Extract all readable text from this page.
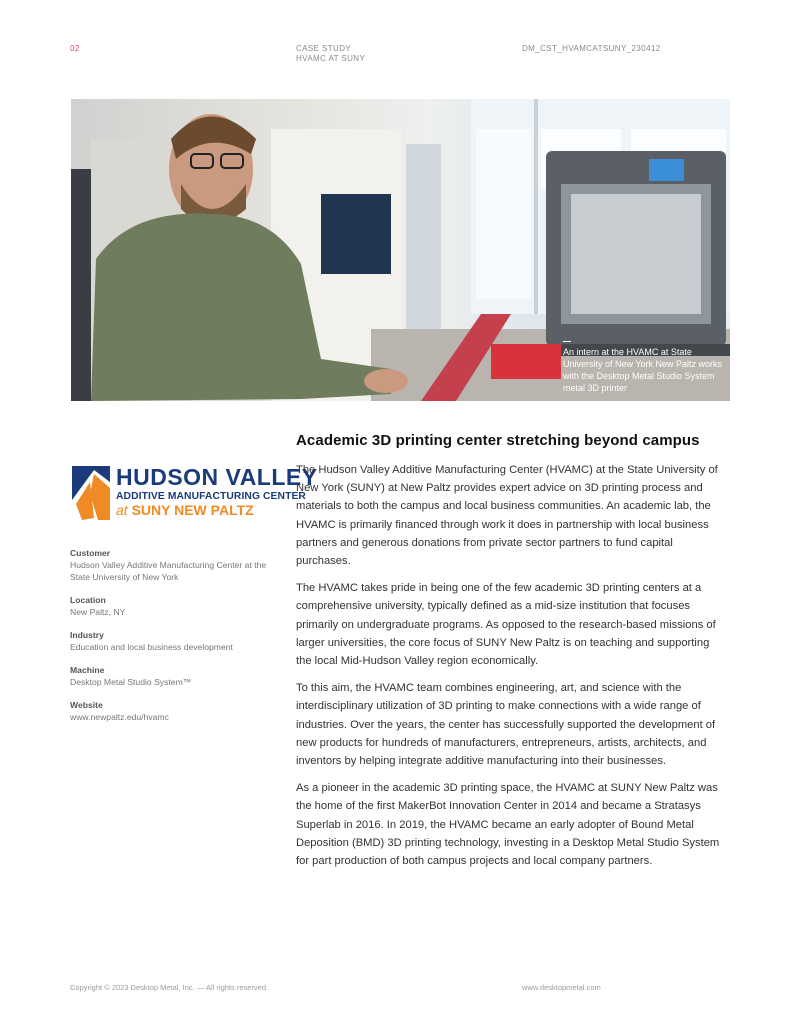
02	CASE STUDY
HVAMC AT SUNY
DM_CST_HVAMCATSUNY_230412
An intern at the HVAMC at State University of New York New Paltz works with the Desktop Metal Studio System metal 3D printer
HUDSON VALLEY
ADDITIVE MANUFACTURING CENTER
at SUNY NEW PALTZ
Customer
Hudson Valley Additive Manufacturing Center at the State University of New York
Location
New Paltz, NY
Industry
Education and local business development
Machine
Desktop Metal Studio System™
Website
www.newpaltz.edu/hvamc
Academic 3D printing center stretching beyond campus

The Hudson Valley Additive Manufacturing Center (HVAMC) at the State University of New York (SUNY) at New Paltz provides expert advice on 3D printing process and materials to both the campus and local business communities. An academic lab, the HVAMC is primarily financed through work it does in partnership with local business partners and generous donations from private sector partners to fund capital purchases.

The HVAMC takes pride in being one of the few academic 3D printing centers at a comprehensive university, typically defined as a mid-size institution that focuses primarily on undergraduate programs. As opposed to the research-based missions of larger universities, the core focus of SUNY New Paltz is on teaching and supporting the local Mid-Hudson Valley region economically.

To this aim, the HVAMC team combines engineering, art, and science with the interdisciplinary utilization of 3D printing to make connections with a wide range of industries. Over the years, the center has successfully supported the development of new products for hundreds of manufacturers, entrepreneurs, artists, architects, and inventors by helping integrate additive manufacturing into their businesses.

As a pioneer in the academic 3D printing space, the HVAMC at SUNY New Paltz was the home of the first MakerBot Innovation Center in 2014 and became a Stratasys Superlab in 2016. In 2019, the HVAMC became an early adopter of Bound Metal Deposition (BMD) 3D printing technology, investing in a Desktop Metal Studio System for part production of both campus projects and local company partners.

Copyright © 2023 Desktop Metal, Inc. — All rights reserved.	www.desktopmetal.com
